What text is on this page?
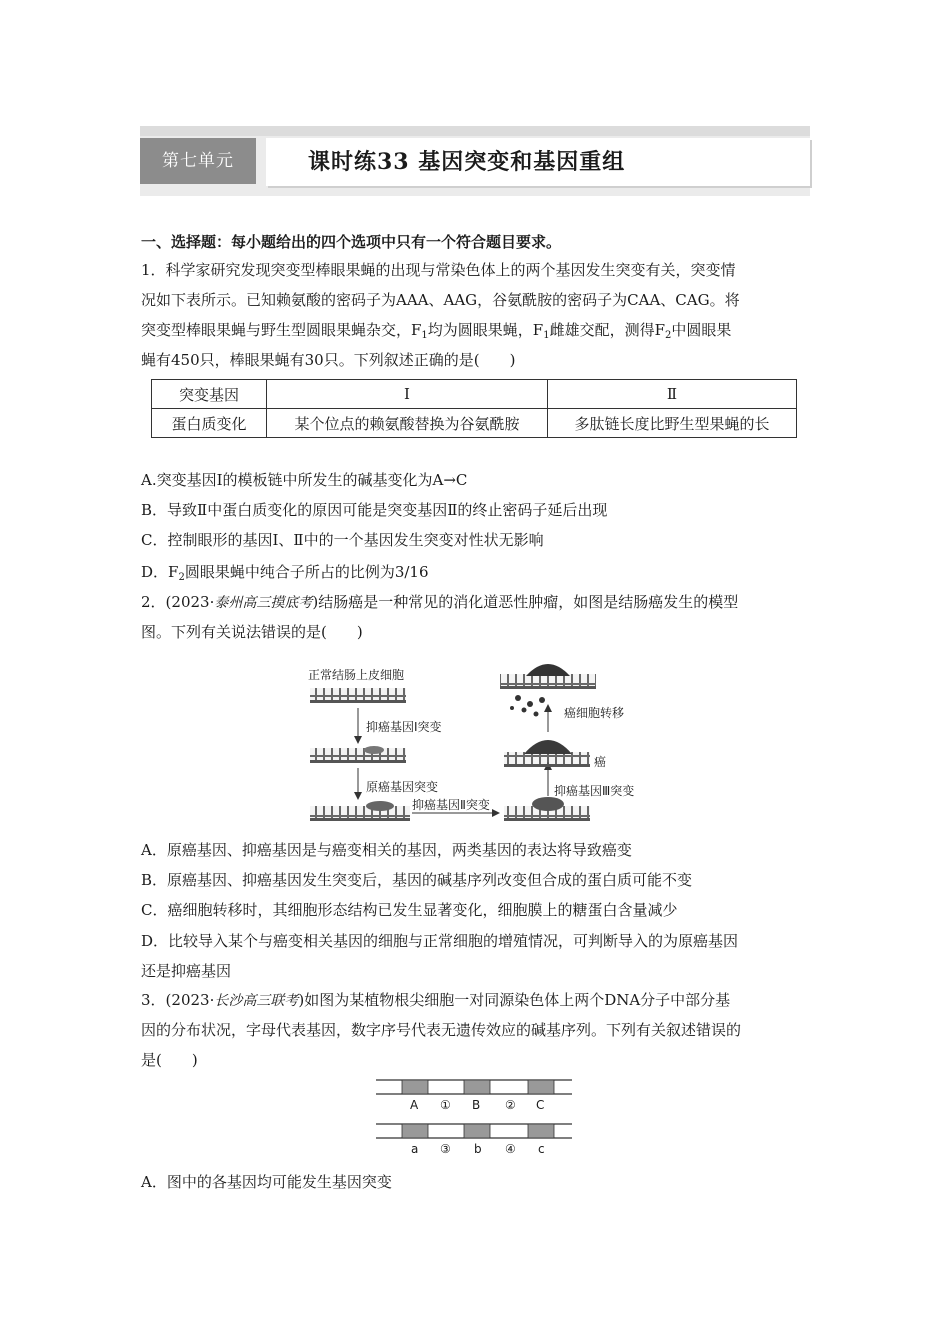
第七单元	课时练33 基因突变和基因重组
一、选择题：每小题给出的四个选项中只有一个符合题目要求。
1．科学家研究发现突变型棒眼果蝇的出现与常染色体上的两个基因发生突变有关，突变情
况如下表所示。已知赖氨酸的密码子为AAA、AAG，谷氨酰胺的密码子为CAA、CAG。将
突变型棒眼果蝇与野生型圆眼果蝇杂交，$F_1$均为圆眼果蝇，$F_1$雌雄交配，测得$F_2$中圆眼果
蝇有450只，棒眼果蝇有30只。下列叙述正确的是(　　)
突变基因	Ⅰ	Ⅱ
蛋白质变化	某个位点的赖氨酸替换为谷氨酰胺	多肽链长度比野生型果蝇的长
A.突变基因Ⅰ的模板链中所发生的碱基变化为A→C
B．导致Ⅱ中蛋白质变化的原因可能是突变基因Ⅱ的终止密码子延后出现
C．控制眼形的基因Ⅰ、Ⅱ中的一个基因发生突变对性状无影响
D．$F_2$圆眼果蝇中纯合子所占的比例为3/16
2．(2023·泰州高三摸底考)结肠癌是一种常见的消化道恶性肿瘤，如图是结肠癌发生的模型
图。下列有关说法错误的是(　　)
正常结肠上皮细胞
抑癌基因Ⅰ突变
原癌基因突变
抑癌基因Ⅱ突变
抑癌基因Ⅲ突变
癌
癌细胞转移
A．原癌基因、抑癌基因是与癌变相关的基因，两类基因的表达将导致癌变
B．原癌基因、抑癌基因发生突变后，基因的碱基序列改变但合成的蛋白质可能不变
C．癌细胞转移时，其细胞形态结构已发生显著变化，细胞膜上的糖蛋白含量减少
D．比较导入某个与癌变相关基因的细胞与正常细胞的增殖情况，可判断导入的为原癌基因
还是抑癌基因
3．(2023·长沙高三联考)如图为某植物根尖细胞一对同源染色体上两个DNA分子中部分基
因的分布状况，字母代表基因，数字序号代表无遗传效应的碱基序列。下列有关叙述错误的
是(　　)
A ① B ② C
a ③ b ④ c
A．图中的各基因均可能发生基因突变
